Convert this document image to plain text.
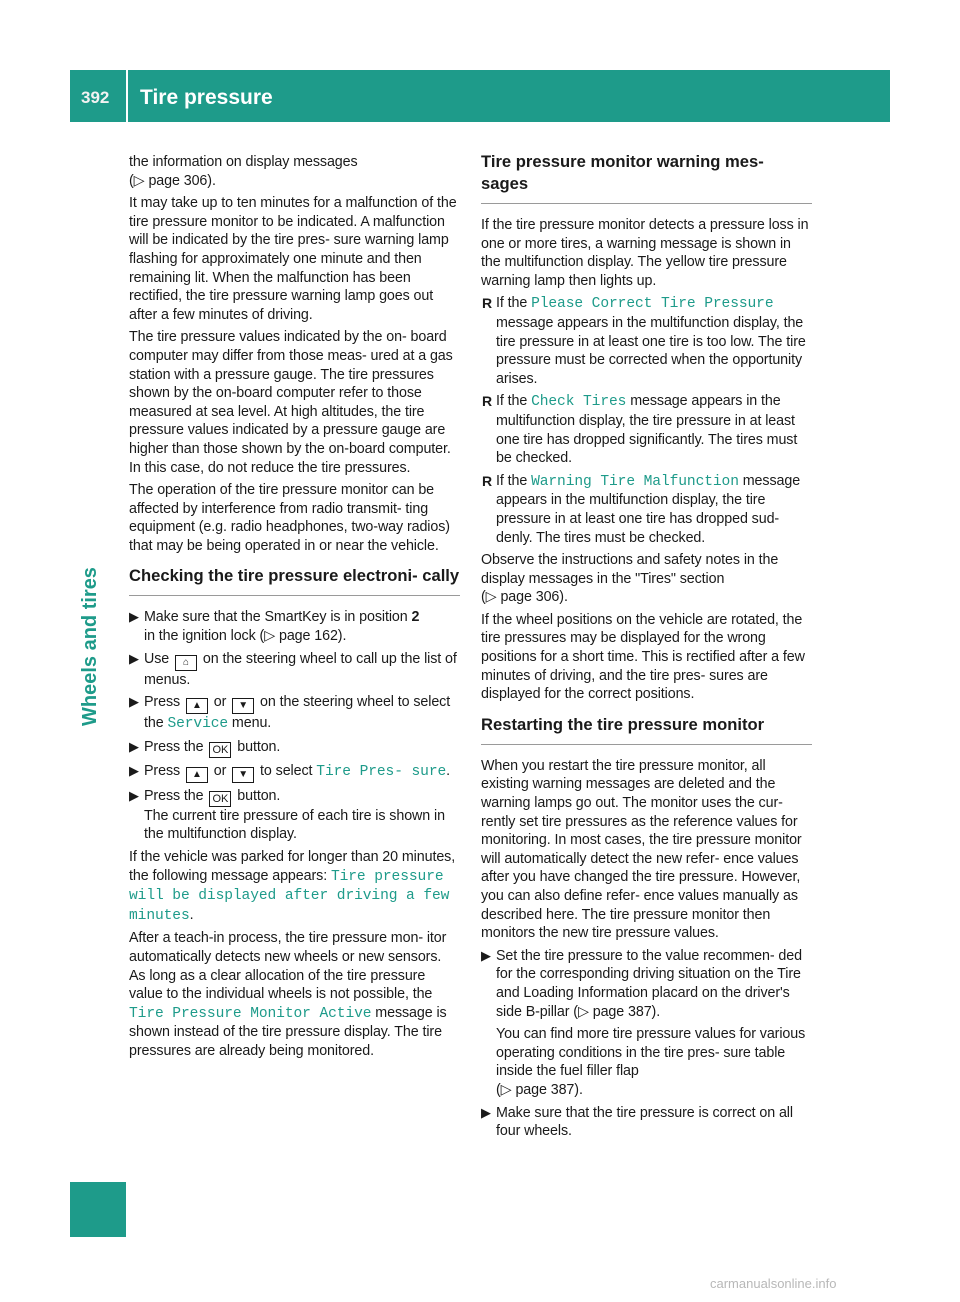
392 Tire pressure

the information on display messages
(▷ page 306).

It may take up to ten minutes for a malfunction of the tire pressure monitor to be indicated. A malfunction will be indicated by the tire pres- sure warning lamp flashing for approximately one minute and then remaining lit. When the malfunction has been rectified, the tire pressure warning lamp goes out after a few minutes of driving.

The tire pressure values indicated by the on- board computer may differ from those meas- ured at a gas station with a pressure gauge. The tire pressures shown by the on-board computer refer to those measured at sea level. At high altitudes, the tire pressure values indicated by a pressure gauge are higher than those shown by the on-board computer. In this case, do not reduce the tire pressures.

The operation of the tire pressure monitor can be affected by interference from radio transmit- ting equipment (e.g. radio headphones, two-way radios) that may be being operated in or near the vehicle.

Checking the tire pressure electroni- cally
▶ Make sure that the SmartKey is in position 2
in the ignition lock (▷ page 162).
▶ Use ⌂ on the steering wheel to call up the list of menus.
▶ Press ▲ or ▼ on the steering wheel to select the Service menu.
▶ Press the OK button.
▶ Press ▲ or ▼ to select Tire Pres‐ sure.
▶ Press the OK button.
The current tire pressure of each tire is shown in the multifunction display.

If the vehicle was parked for longer than 20 minutes, the following message appears: Tire pressure will be displayed after driving a few minutes.

After a teach-in process, the tire pressure mon- itor automatically detects new wheels or new sensors. As long as a clear allocation of the tire pressure value to the individual wheels is not possible, the Tire Pressure Monitor Active message is shown instead of the tire pressure display. The tire pressures are already being monitored.

Tire pressure monitor warning mes- sages

If the tire pressure monitor detects a pressure loss in one or more tires, a warning message is shown in the multifunction display. The yellow tire pressure warning lamp then lights up.

R If the Please Correct Tire Pressure message appears in the multifunction display, the tire pressure in at least one tire is too low. The tire pressure must be corrected when the opportunity arises.
R If the Check Tires message appears in the multifunction display, the tire pressure in at least one tire has dropped significantly. The tires must be checked.
R If the Warning Tire Malfunction message appears in the multifunction display, the tire pressure in at least one tire has dropped sud- denly. The tires must be checked.

Observe the instructions and safety notes in the display messages in the "Tires" section
(▷ page 306).

If the wheel positions on the vehicle are rotated, the tire pressures may be displayed for the wrong positions for a short time. This is rectified after a few minutes of driving, and the tire pres- sures are displayed for the correct positions.

Restarting the tire pressure monitor

When you restart the tire pressure monitor, all existing warning messages are deleted and the warning lamps go out. The monitor uses the cur- rently set tire pressures as the reference values for monitoring. In most cases, the tire pressure monitor will automatically detect the new refer- ence values after you have changed the tire pressure. However, you can also define refer- ence values manually as described here. The tire pressure monitor then monitors the new tire pressure values.

▶ Set the tire pressure to the value recommen- ded for the corresponding driving situation on the Tire and Loading Information placard on the driver's side B-pillar (▷ page 387).
You can find more tire pressure values for various operating conditions in the tire pres- sure table inside the fuel filler flap
(▷ page 387).
▶ Make sure that the tire pressure is correct on all four wheels.
carmanualsonline.info
